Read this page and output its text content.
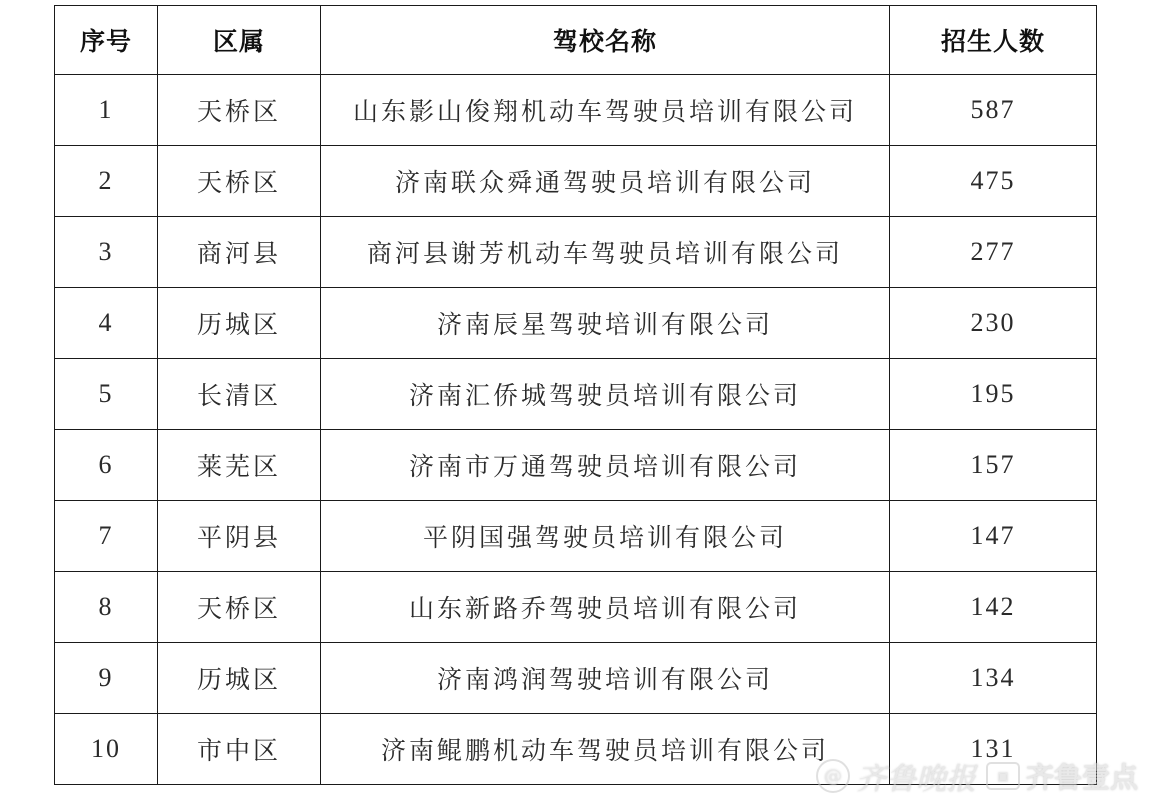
序号	区属	驾校名称	招生人数
1	天桥区	山东影山俊翔机动车驾驶员培训有限公司	587
2	天桥区	济南联众舜通驾驶员培训有限公司	475
3	商河县	商河县谢芳机动车驾驶员培训有限公司	277
4	历城区	济南辰星驾驶培训有限公司	230
5	长清区	济南汇侨城驾驶员培训有限公司	195
6	莱芜区	济南市万通驾驶员培训有限公司	157
7	平阴县	平阴国强驾驶员培训有限公司	147
8	天桥区	山东新路乔驾驶员培训有限公司	142
9	历城区	济南鸿润驾驶培训有限公司	134
10	市中区	济南鲲鹏机动车驾驶员培训有限公司	131
@ 齐鲁晚报	▣ 齐鲁壹点
